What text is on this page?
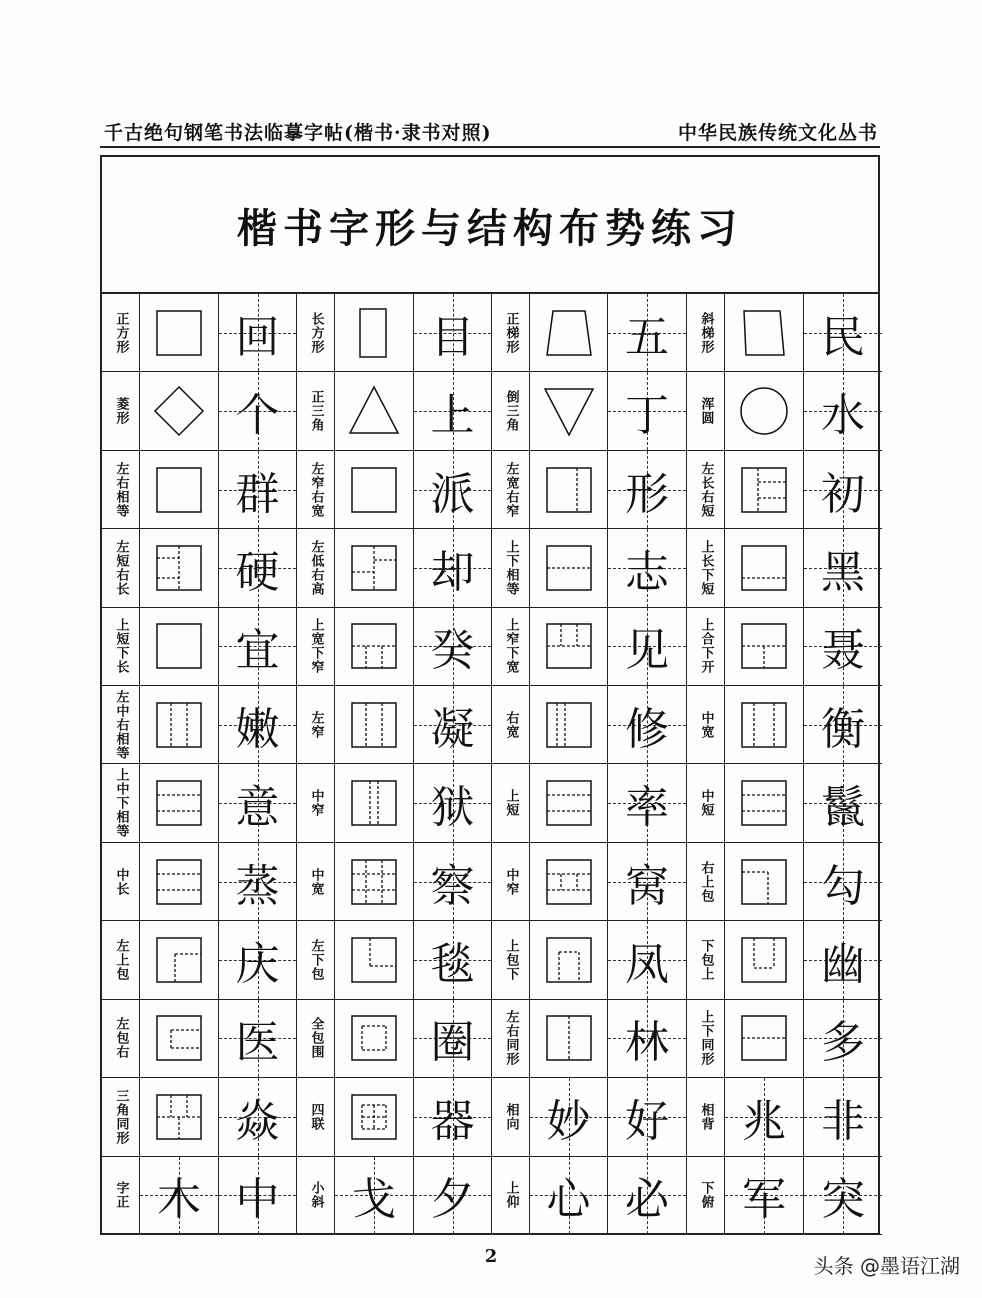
千古绝句钢笔书法临摹字帖(楷书·隶书对照)	中华民族传统文化丛书
楷书字形与结构布势练习
正方形 回 长方形 目 正梯形 五 斜梯形 民
菱形 个 正三角 上 倒三角 丁 浑圆 水
左右相等 群 左窄右宽 派 左宽右窄 形 左长右短 初
左短右长 硬 左低右高 却 上下相等 志 上长下短 黑
上短下长 宜 上宽下窄 癸 上窄下宽 见 上合下开 聂
左中右相等 嫩 左窄 凝 右宽 修 中宽 衡
上中下相等 意 中窄 狱 上短 率 中短 鬣
中长 蒸 中宽 察 中窄 窝 右上包 勾
左上包 庆 左下包 毯 上包下 凤 下包上 幽
左包右 医 全包围 圈 左右同形 林 上下同形 多
三角同形 焱 四联 器 相向 妙 好 相背 兆 非
字正 木 中 小斜 戈 夕 上仰 心 必 下俯 军 突
2	头条 @墨语江湖
